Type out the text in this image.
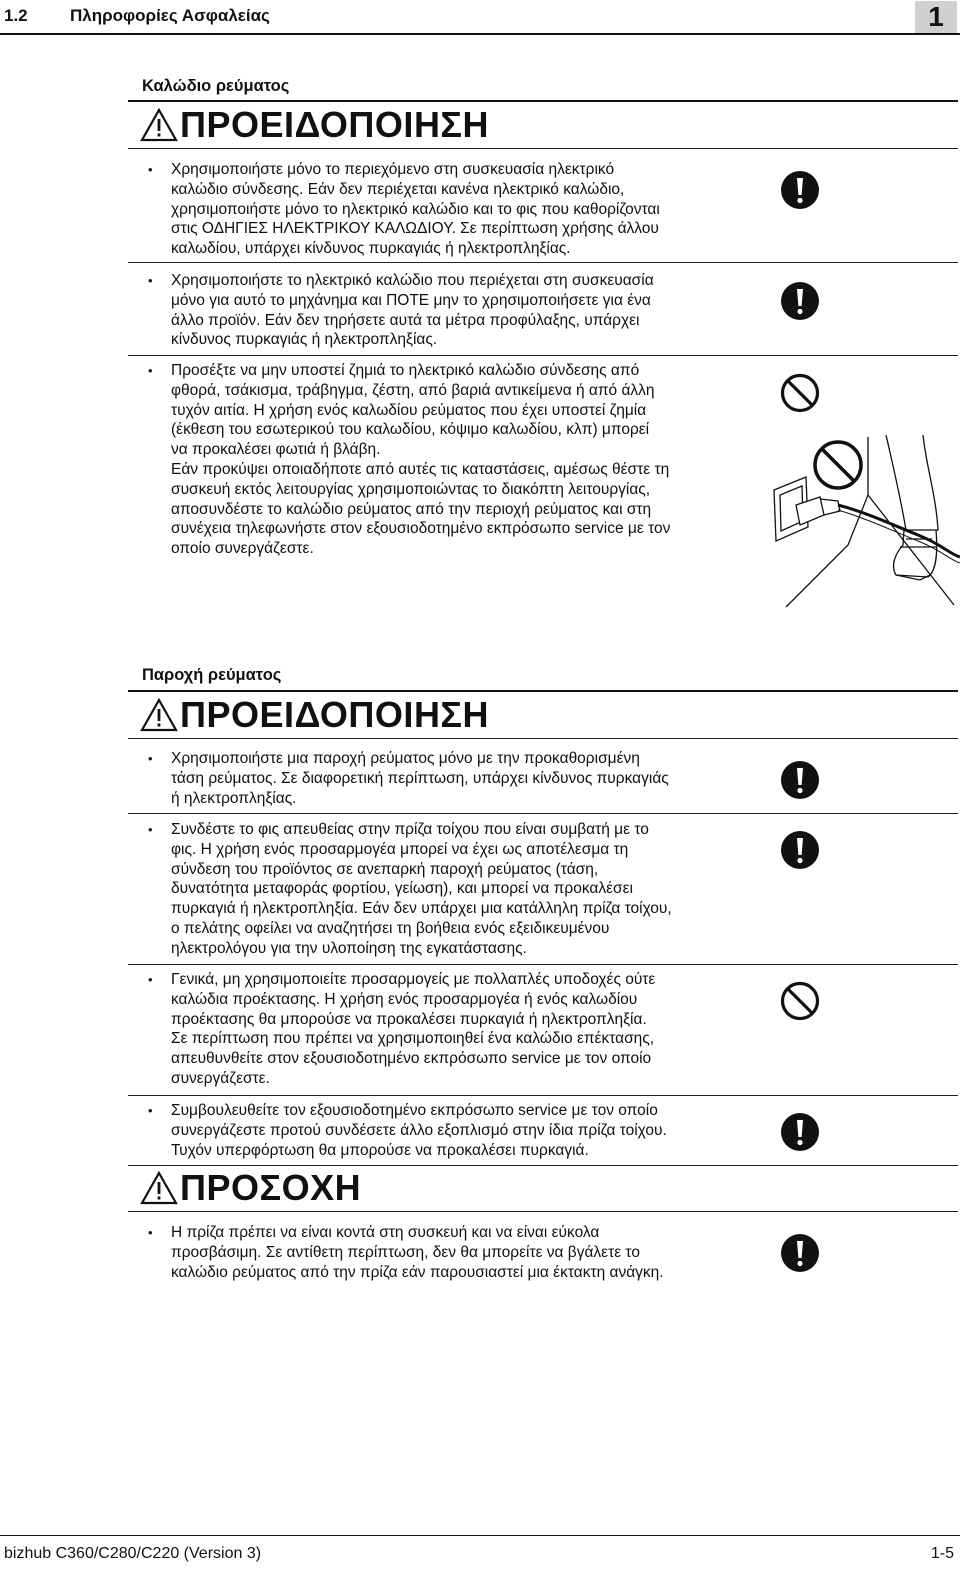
1.2 Πληροφορίες Ασφαλείας	1
Καλώδιο ρεύματος
ΠΡΟΕΙΔΟΠΟΙΗΣΗ
• Χρησιμοποιήστε μόνο το περιεχόμενο στη συσκευασία ηλεκτρικό
καλώδιο σύνδεσης. Εάν δεν περιέχεται κανένα ηλεκτρικό καλώδιο,
χρησιμοποιήστε μόνο το ηλεκτρικό καλώδιο και το φις που καθορίζονται
στις ΟΔΗΓΙΕΣ ΗΛΕΚΤΡΙΚΟΥ ΚΑΛΩΔΙΟΥ. Σε περίπτωση χρήσης άλλου
καλωδίου, υπάρχει κίνδυνος πυρκαγιάς ή ηλεκτροπληξίας.
• Χρησιμοποιήστε το ηλεκτρικό καλώδιο που περιέχεται στη συσκευασία
μόνο για αυτό το μηχάνημα και ΠΟΤΕ μην το χρησιμοποιήσετε για ένα
άλλο προϊόν. Εάν δεν τηρήσετε αυτά τα μέτρα προφύλαξης, υπάρχει
κίνδυνος πυρκαγιάς ή ηλεκτροπληξίας.
• Προσέξτε να μην υποστεί ζημιά το ηλεκτρικό καλώδιο σύνδεσης από
φθορά, τσάκισμα, τράβηγμα, ζέστη, από βαριά αντικείμενα ή από άλλη
τυχόν αιτία. Η χρήση ενός καλωδίου ρεύματος που έχει υποστεί ζημία
(έκθεση του εσωτερικού του καλωδίου, κόψιμο καλωδίου, κλπ) μπορεί
να προκαλέσει φωτιά ή βλάβη.
Εάν προκύψει οποιαδήποτε από αυτές τις καταστάσεις, αμέσως θέστε τη
συσκευή εκτός λειτουργίας χρησιμοποιώντας το διακόπτη λειτουργίας,
αποσυνδέστε το καλώδιο ρεύματος από την περιοχή ρεύματος και στη
συνέχεια τηλεφωνήστε στον εξουσιοδοτημένο εκπρόσωπο service με τον
οποίο συνεργάζεστε.
Παροχή ρεύματος
ΠΡΟΕΙΔΟΠΟΙΗΣΗ
• Χρησιμοποιήστε μια παροχή ρεύματος μόνο με την προκαθορισμένη
τάση ρεύματος. Σε διαφορετική περίπτωση, υπάρχει κίνδυνος πυρκαγιάς
ή ηλεκτροπληξίας.
• Συνδέστε το φις απευθείας στην πρίζα τοίχου που είναι συμβατή με το
φις. Η χρήση ενός προσαρμογέα μπορεί να έχει ως αποτέλεσμα τη
σύνδεση του προϊόντος σε ανεπαρκή παροχή ρεύματος (τάση,
δυνατότητα μεταφοράς φορτίου, γείωση), και μπορεί να προκαλέσει
πυρκαγιά ή ηλεκτροπληξία. Εάν δεν υπάρχει μια κατάλληλη πρίζα τοίχου,
ο πελάτης οφείλει να αναζητήσει τη βοήθεια ενός εξειδικευμένου
ηλεκτρολόγου για την υλοποίηση της εγκατάστασης.
• Γενικά, μη χρησιμοποιείτε προσαρμογείς με πολλαπλές υποδοχές ούτε
καλώδια προέκτασης. Η χρήση ενός προσαρμογέα ή ενός καλωδίου
προέκτασης θα μπορούσε να προκαλέσει πυρκαγιά ή ηλεκτροπληξία.
Σε περίπτωση που πρέπει να χρησιμοποιηθεί ένα καλώδιο επέκτασης,
απευθυνθείτε στον εξουσιοδοτημένο εκπρόσωπο service με τον οποίο
συνεργάζεστε.
• Συμβουλευθείτε τον εξουσιοδοτημένο εκπρόσωπο service με τον οποίο
συνεργάζεστε προτού συνδέσετε άλλο εξοπλισμό στην ίδια πρίζα τοίχου.
Τυχόν υπερφόρτωση θα μπορούσε να προκαλέσει πυρκαγιά.
ΠΡΟΣΟΧΗ
• Η πρίζα πρέπει να είναι κοντά στη συσκευή και να είναι εύκολα
προσβάσιμη. Σε αντίθετη περίπτωση, δεν θα μπορείτε να βγάλετε το
καλώδιο ρεύματος από την πρίζα εάν παρουσιαστεί μια έκτακτη ανάγκη.
bizhub C360/C280/C220 (Version 3)	1-5
